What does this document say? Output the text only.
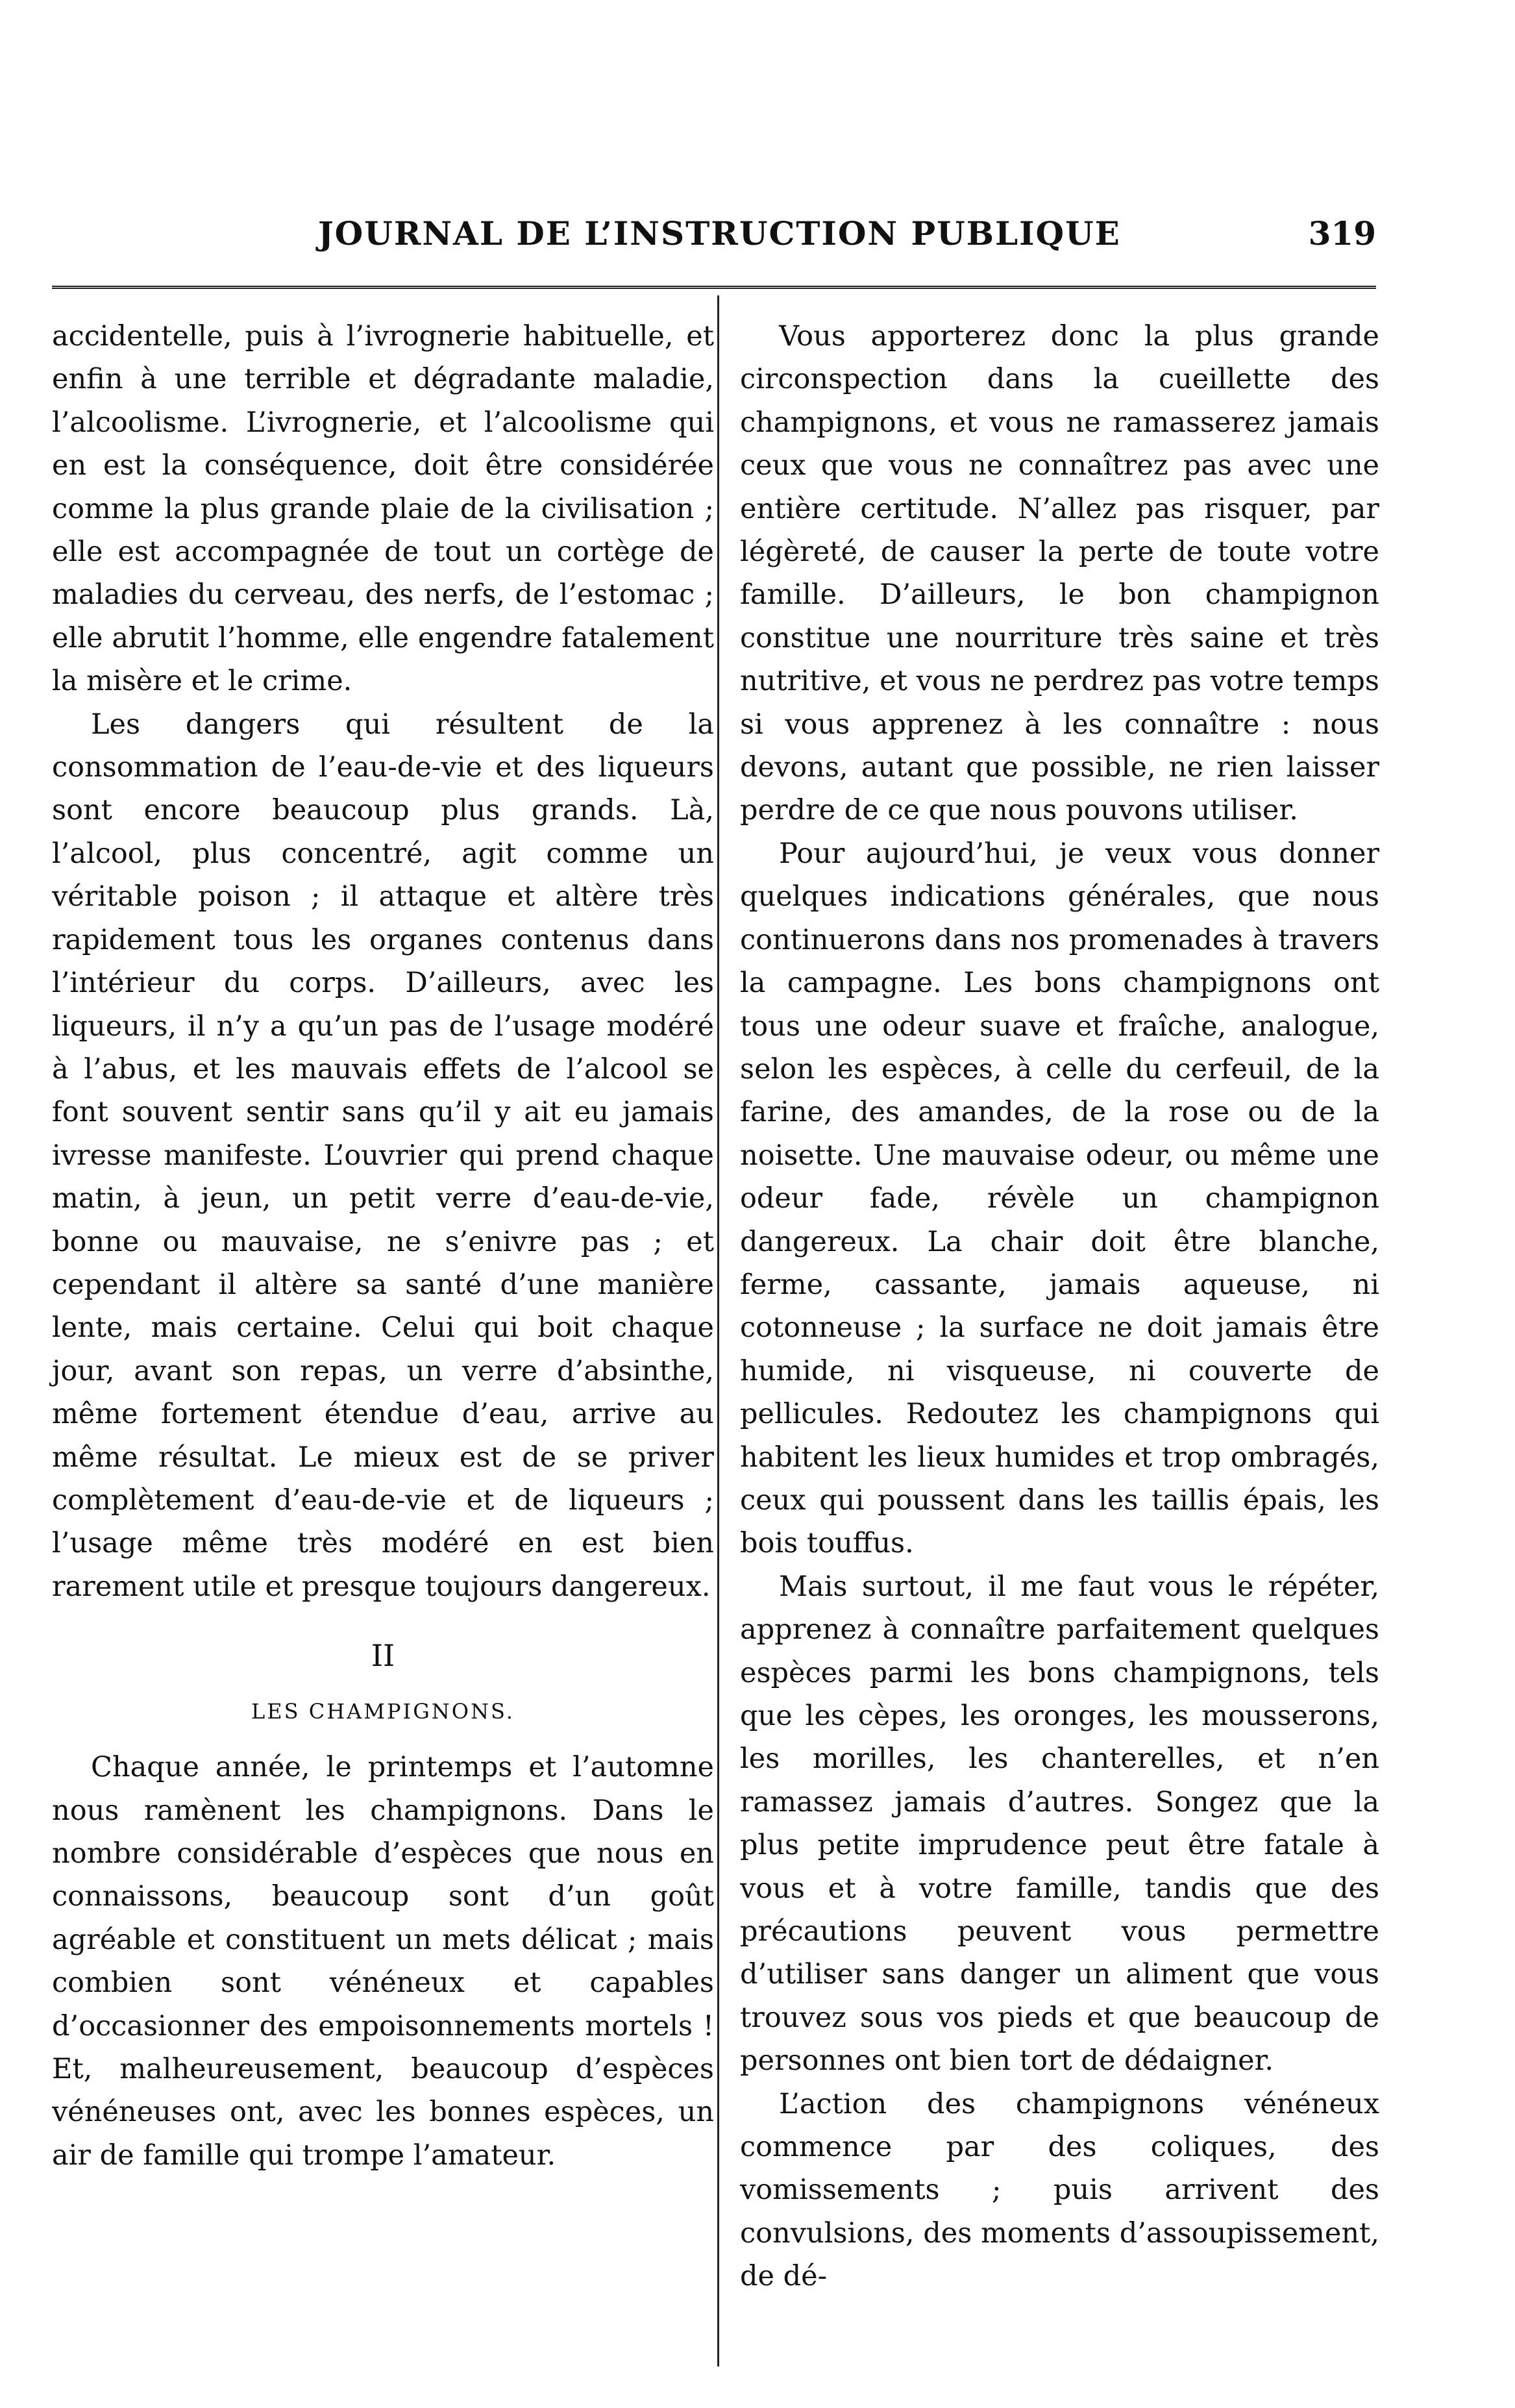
JOURNAL DE L’INSTRUCTION PUBLIQUE	319

accidentelle, puis à l’ivrognerie habituelle, et enfin à une terrible et dégradante maladie, l’alcoolisme. L’ivrognerie, et l’alcoolisme qui en est la conséquence, doit être considérée comme la plus grande plaie de la civilisation ; elle est accompagnée de tout un cortège de maladies du cerveau, des nerfs, de l’estomac ; elle abrutit l’homme, elle engendre fatalement la misère et le crime.

Les dangers qui résultent de la consommation de l’eau-de-vie et des liqueurs sont encore beaucoup plus grands. Là, l’alcool, plus concentré, agit comme un véritable poison ; il attaque et altère très rapidement tous les organes contenus dans l’intérieur du corps. D’ailleurs, avec les liqueurs, il n’y a qu’un pas de l’usage modéré à l’abus, et les mauvais effets de l’alcool se font souvent sentir sans qu’il y ait eu jamais ivresse manifeste. L’ouvrier qui prend chaque matin, à jeun, un petit verre d’eau-de-vie, bonne ou mauvaise, ne s’enivre pas ; et cependant il altère sa santé d’une manière lente, mais certaine. Celui qui boit chaque jour, avant son repas, un verre d’absinthe, même fortement étendue d’eau, arrive au même résultat. Le mieux est de se priver complètement d’eau-de-vie et de liqueurs ; l’usage même très modéré en est bien rarement utile et presque toujours dangereux.

II
LES CHAMPIGNONS.

Chaque année, le printemps et l’automne nous ramènent les champignons. Dans le nombre considérable d’espèces que nous en connaissons, beaucoup sont d’un goût agréable et constituent un mets délicat ; mais combien sont vénéneux et capables d’occasionner des empoisonnements mortels ! Et, malheureusement, beaucoup d’espèces vénéneuses ont, avec les bonnes espèces, un air de famille qui trompe l’amateur.

Vous apporterez donc la plus grande circonspection dans la cueillette des champignons, et vous ne ramasserez jamais ceux que vous ne connaîtrez pas avec une entière certitude. N’allez pas risquer, par légèreté, de causer la perte de toute votre famille. D’ailleurs, le bon champignon constitue une nourriture très saine et très nutritive, et vous ne perdrez pas votre temps si vous apprenez à les connaître : nous devons, autant que possible, ne rien laisser perdre de ce que nous pouvons utiliser.

Pour aujourd’hui, je veux vous donner quelques indications générales, que nous continuerons dans nos promenades à travers la campagne. Les bons champignons ont tous une odeur suave et fraîche, analogue, selon les espèces, à celle du cerfeuil, de la farine, des amandes, de la rose ou de la noisette. Une mauvaise odeur, ou même une odeur fade, révèle un champignon dangereux. La chair doit être blanche, ferme, cassante, jamais aqueuse, ni cotonneuse ; la surface ne doit jamais être humide, ni visqueuse, ni couverte de pellicules. Redoutez les champignons qui habitent les lieux humides et trop ombragés, ceux qui poussent dans les taillis épais, les bois touffus.

Mais surtout, il me faut vous le répéter, apprenez à connaître parfaitement quelques espèces parmi les bons champignons, tels que les cèpes, les oronges, les mousserons, les morilles, les chanterelles, et n’en ramassez jamais d’autres. Songez que la plus petite imprudence peut être fatale à vous et à votre famille, tandis que des précautions peuvent vous permettre d’utiliser sans danger un aliment que vous trouvez sous vos pieds et que beaucoup de personnes ont bien tort de dédaigner.

L’action des champignons vénéneux commence par des coliques, des vomissements ; puis arrivent des convulsions, des moments d’assoupissement, de dé-
